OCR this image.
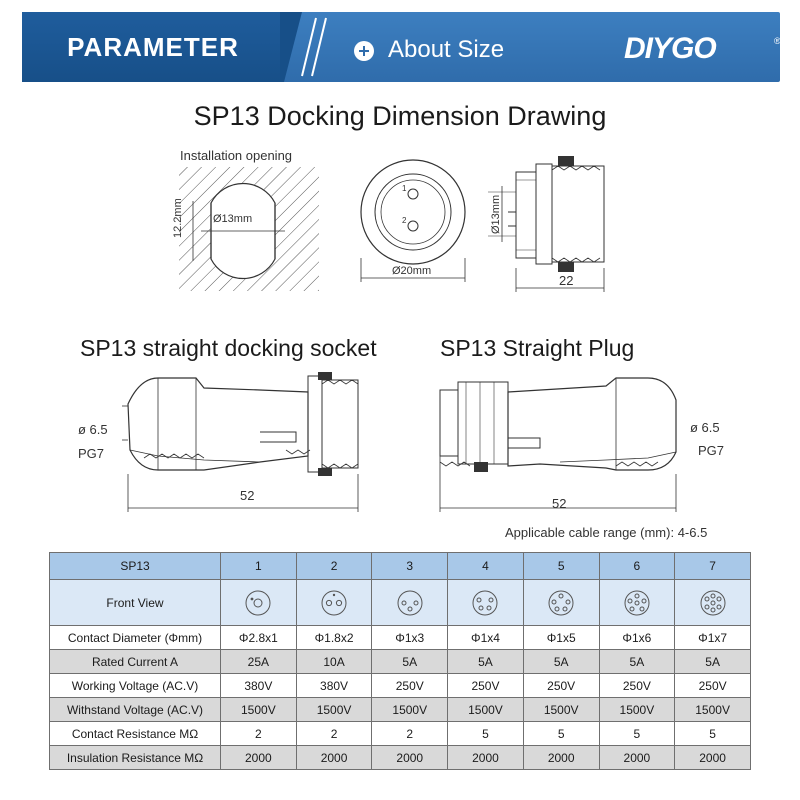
PARAMETER	About Size	DIYGO	®
SP13 Docking Dimension Drawing
Installation opening
Ø13mm
12.2mm
1
2
Ø20mm
Ø13mm
22
SP13 straight docking socket	SP13 Straight Plug
ø 6.5
PG7
52
ø 6.5
PG7
52
Applicable cable range (mm): 4-6.5
SP13	1	2	3	4	5	6	7
Front View							
Contact Diameter (Φmm)	Φ2.8x1	Φ1.8x2	Φ1x3	Φ1x4	Φ1x5	Φ1x6	Φ1x7
Rated Current A	25A	10A	5A	5A	5A	5A	5A
Working Voltage (AC.V)	380V	380V	250V	250V	250V	250V	250V
Withstand Voltage (AC.V)	1500V	1500V	1500V	1500V	1500V	1500V	1500V
Contact Resistance MΩ	2	2	2	5	5	5	5
Insulation Resistance MΩ	2000	2000	2000	2000	2000	2000	2000
